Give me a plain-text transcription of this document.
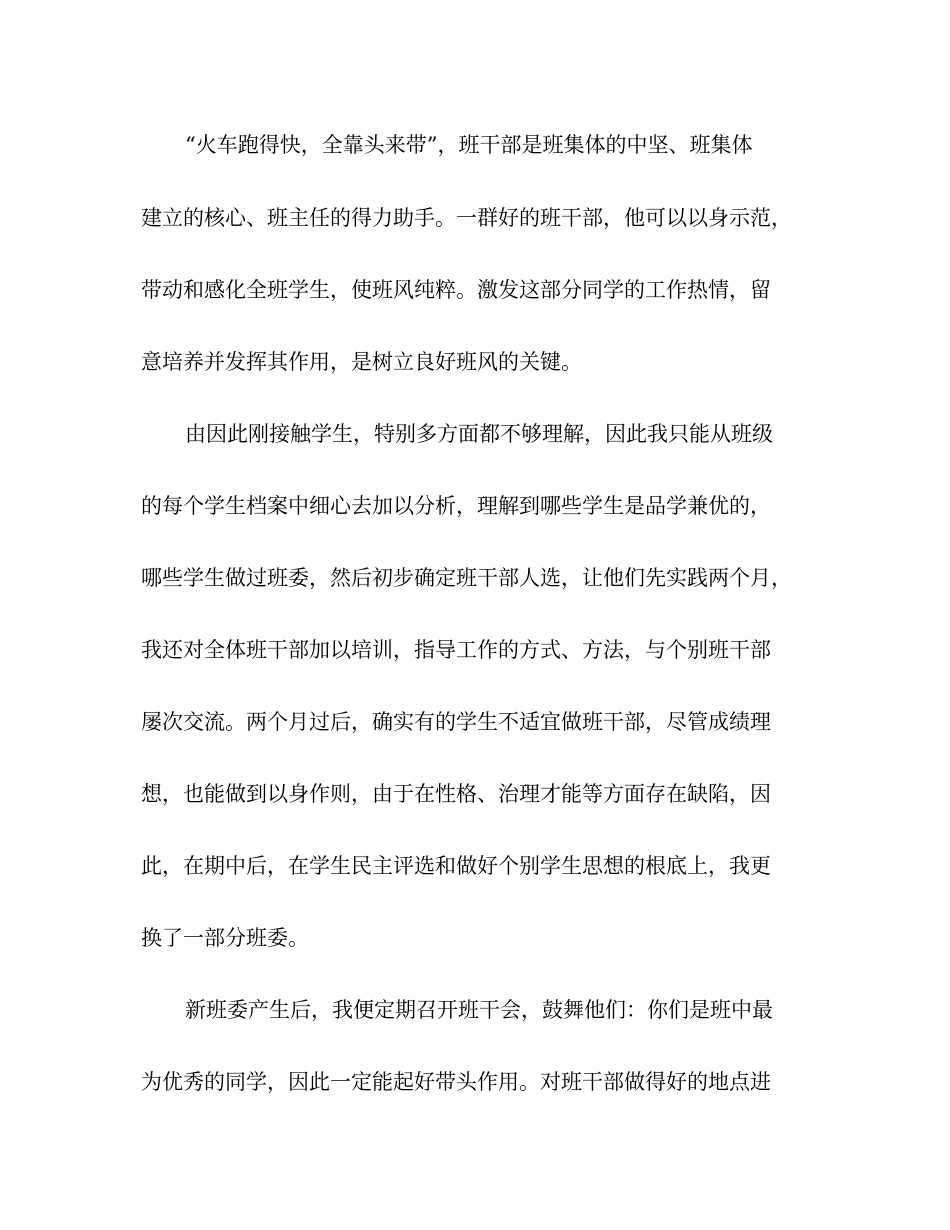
“火车跑得快，全靠头来带”，班干部是班集体的中坚、班集体
建立的核心、班主任的得力助手。一群好的班干部，他可以以身示范，
带动和感化全班学生，使班风纯粹。激发这部分同学的工作热情，留
意培养并发挥其作用，是树立良好班风的关键。
由因此刚接触学生，特别多方面都不够理解，因此我只能从班级
的每个学生档案中细心去加以分析，理解到哪些学生是品学兼优的，
哪些学生做过班委，然后初步确定班干部人选，让他们先实践两个月，
我还对全体班干部加以培训，指导工作的方式、方法，与个别班干部
屡次交流。两个月过后，确实有的学生不适宜做班干部，尽管成绩理
想，也能做到以身作则，由于在性格、治理才能等方面存在缺陷，因
此，在期中后，在学生民主评选和做好个别学生思想的根底上，我更
换了一部分班委。
新班委产生后，我便定期召开班干会，鼓舞他们：你们是班中最
为优秀的同学，因此一定能起好带头作用。对班干部做得好的地点进
